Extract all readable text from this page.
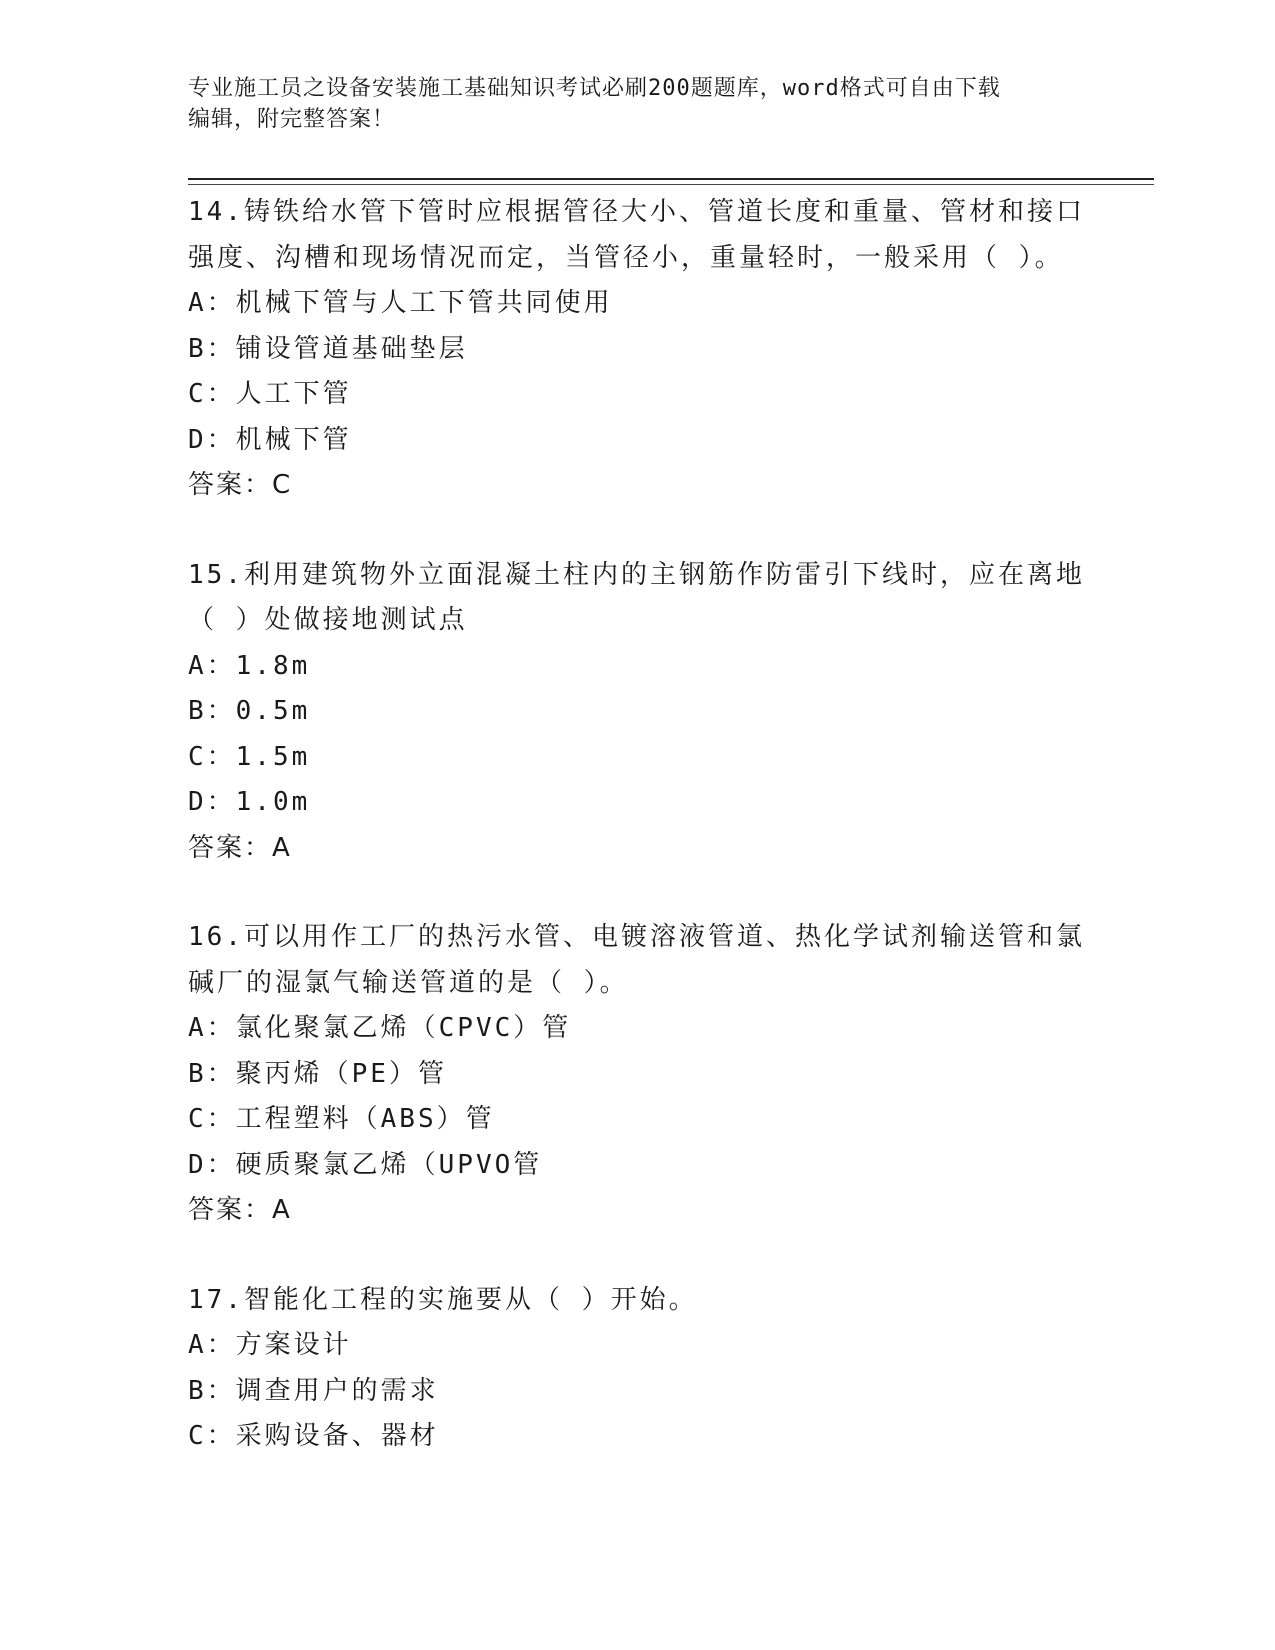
专业施工员之设备安装施工基础知识考试必刷200题题库，word格式可自由下载
编辑，附完整答案！
14.铸铁给水管下管时应根据管径大小、管道长度和重量、管材和接口
强度、沟槽和现场情况而定，当管径小，重量轻时，一般采用（ ）。
A：机械下管与人工下管共同使用
B：铺设管道基础垫层
C：人工下管
D：机械下管
答案：C
15.利用建筑物外立面混凝土柱内的主钢筋作防雷引下线时，应在离地
（ ）处做接地测试点
A：1.8m
B：0.5m
C：1.5m
D：1.0m
答案：A
16.可以用作工厂的热污水管、电镀溶液管道、热化学试剂输送管和氯
碱厂的湿氯气输送管道的是（ ）。
A：氯化聚氯乙烯（CPVC）管
B：聚丙烯（PE）管
C：工程塑料（ABS）管
D：硬质聚氯乙烯（UPVO管
答案：A
17.智能化工程的实施要从（ ）开始。
A：方案设计
B：调查用户的需求
C：采购设备、器材
